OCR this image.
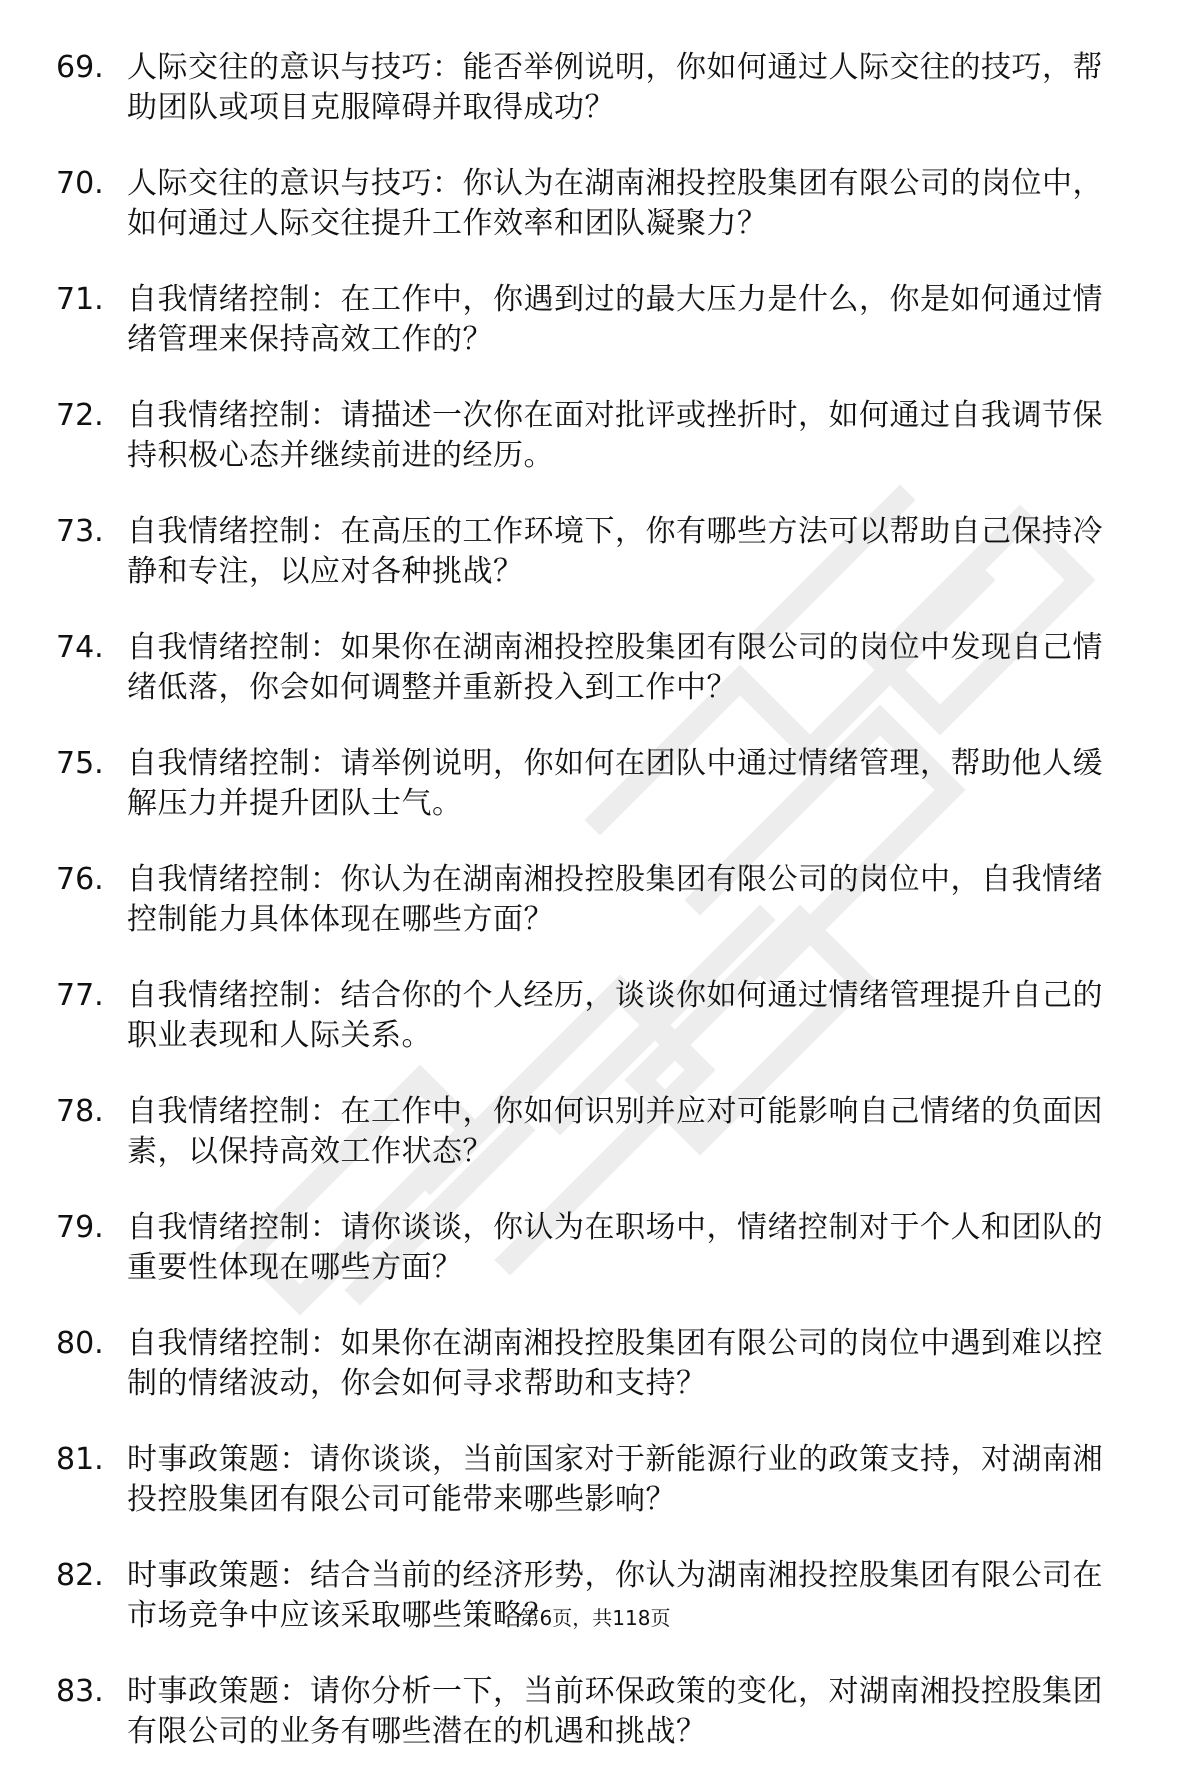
69. 人际交往的意识与技巧：能否举例说明，你如何通过人际交往的技巧，帮助团队或项目克服障碍并取得成功？
70. 人际交往的意识与技巧：你认为在湖南湘投控股集团有限公司的岗位中，如何通过人际交往提升工作效率和团队凝聚力？
71. 自我情绪控制：在工作中，你遇到过的最大压力是什么，你是如何通过情绪管理来保持高效工作的？
72. 自我情绪控制：请描述一次你在面对批评或挫折时，如何通过自我调节保持积极心态并继续前进的经历。
73. 自我情绪控制：在高压的工作环境下，你有哪些方法可以帮助自己保持冷静和专注，以应对各种挑战？
74. 自我情绪控制：如果你在湖南湘投控股集团有限公司的岗位中发现自己情绪低落，你会如何调整并重新投入到工作中？
75. 自我情绪控制：请举例说明，你如何在团队中通过情绪管理，帮助他人缓解压力并提升团队士气。
76. 自我情绪控制：你认为在湖南湘投控股集团有限公司的岗位中，自我情绪控制能力具体体现在哪些方面？
77. 自我情绪控制：结合你的个人经历，谈谈你如何通过情绪管理提升自己的职业表现和人际关系。
78. 自我情绪控制：在工作中，你如何识别并应对可能影响自己情绪的负面因素，以保持高效工作状态？
79. 自我情绪控制：请你谈谈，你认为在职场中，情绪控制对于个人和团队的重要性体现在哪些方面？
80. 自我情绪控制：如果你在湖南湘投控股集团有限公司的岗位中遇到难以控制的情绪波动，你会如何寻求帮助和支持？
81. 时事政策题：请你谈谈，当前国家对于新能源行业的政策支持，对湖南湘投控股集团有限公司可能带来哪些影响？
82. 时事政策题：结合当前的经济形势，你认为湖南湘投控股集团有限公司在市场竞争中应该采取哪些策略？
83. 时事政策题：请你分析一下，当前环保政策的变化，对湖南湘投控股集团有限公司的业务有哪些潜在的机遇和挑战？
第6页，共118页
